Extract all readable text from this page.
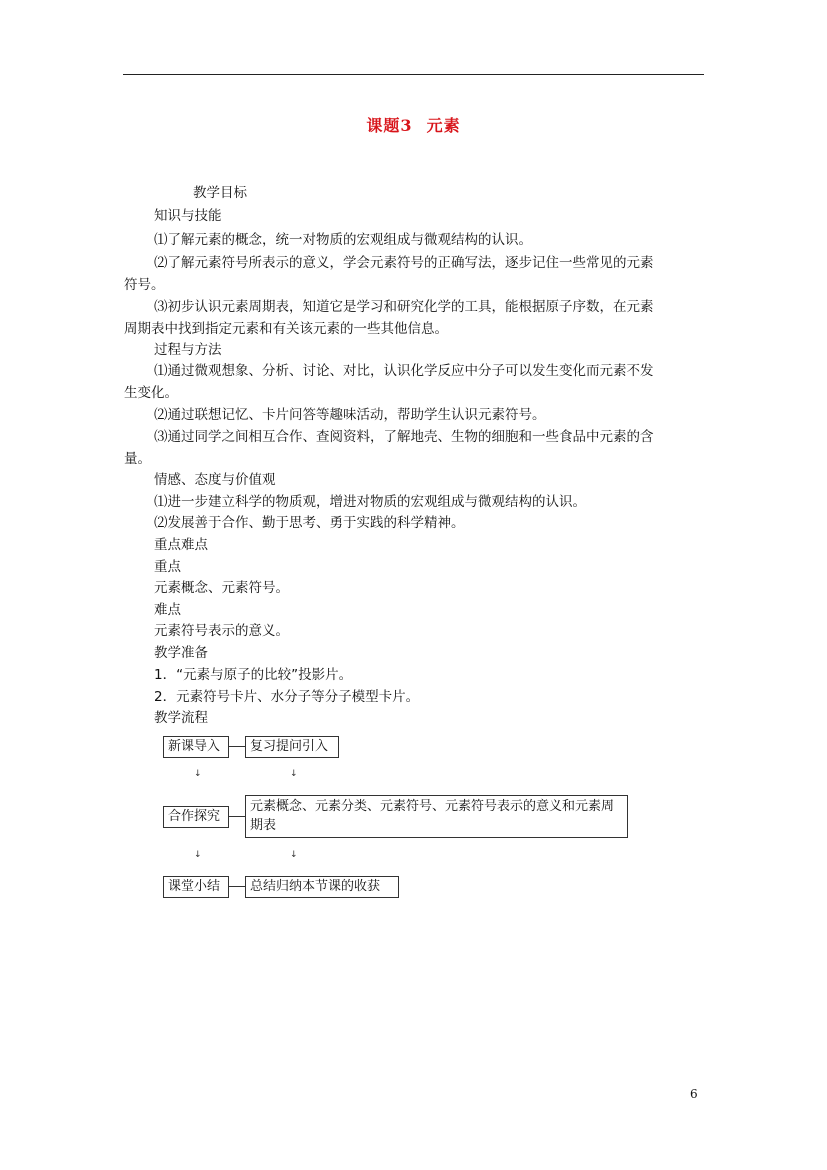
课题3 元素
教学目标
知识与技能
⑴了解元素的概念，统一对物质的宏观组成与微观结构的认识。
⑵了解元素符号所表示的意义，学会元素符号的正确写法，逐步记住一些常见的元素
符号。
⑶初步认识元素周期表，知道它是学习和研究化学的工具，能根据原子序数，在元素
周期表中找到指定元素和有关该元素的一些其他信息。
过程与方法
⑴通过微观想象、分析、讨论、对比，认识化学反应中分子可以发生变化而元素不发
生变化。
⑵通过联想记忆、卡片问答等趣味活动，帮助学生认识元素符号。
⑶通过同学之间相互合作、查阅资料，了解地壳、生物的细胞和一些食品中元素的含
量。
情感、态度与价值观
⑴进一步建立科学的物质观，增进对物质的宏观组成与微观结构的认识。
⑵发展善于合作、勤于思考、勇于实践的科学精神。
重点难点
重点
元素概念、元素符号。
难点
元素符号表示的意义。
教学准备
1．“元素与原子的比较”投影片。
2．元素符号卡片、水分子等分子模型卡片。
教学流程
新课导入	复习提问引入
↓	↓
合作探究
元素概念、元素分类、元素符号、元素符号表示的意义和元素周期表
↓	↓
课堂小结	总结归纳本节课的收获
6
